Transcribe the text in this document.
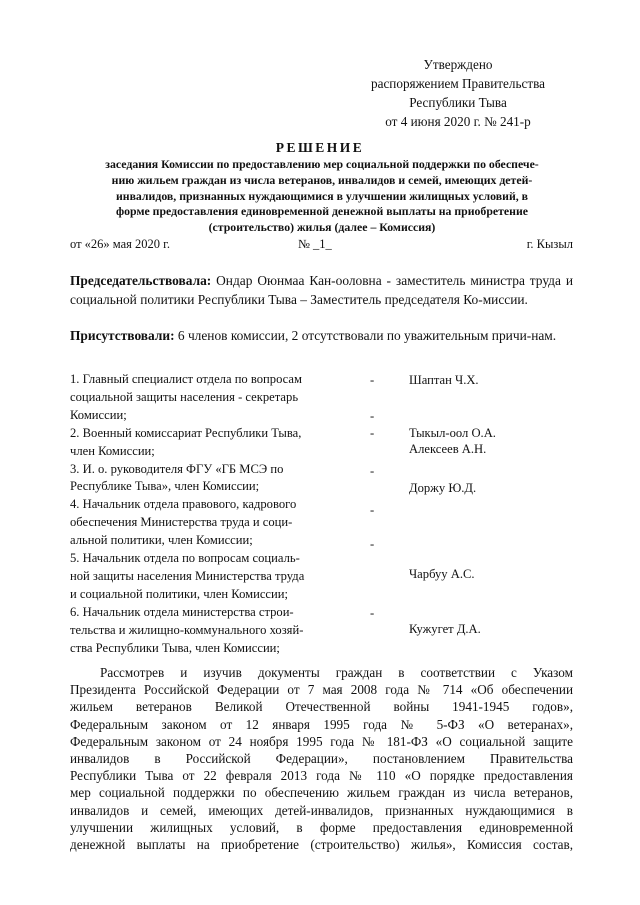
Утверждено
распоряжением Правительства
Республики Тыва
от 4 июня 2020 г. № 241-р
РЕШЕНИЕ
заседания Комиссии по предоставлению мер социальной поддержки по обеспече-
нию жильем граждан из числа ветеранов, инвалидов и семей, имеющих детей-
инвалидов, признанных нуждающимися в улучшении жилищных условий, в
форме предоставления единовременной денежной выплаты на приобретение
(строительство) жилья (далее – Комиссия)
от «26» мая 2020 г.	№ _1_	г. Кызыл
Председательствовала: Ондар Оюнмаа Кан-ооловна - заместитель министра труда и социальной политики Республики Тыва – Заместитель председателя Ко-миссии.
Присутствовали: 6 членов комиссии, 2 отсутствовали по уважительным причи-нам.
1. Главный специалист отдела по вопросам
социальной защиты населения - секретарь
Комиссии;
-
-
Шаптан Ч.Х.
2. Военный комиссариат Республики Тыва,
член Комиссии;
-
Алексеев А.Н.
3. И. о. руководителя ФГУ «ГБ МСЭ по
Республике Тыва», член Комиссии;
-
Тыкыл-оол О.А.
4. Начальник отдела правового, кадрового
обеспечения Министерства труда и соци-
альной политики, член Комиссии;
-
-
Доржу Ю.Д.
5. Начальник отдела по вопросам социаль-
ной защиты населения Министерства труда
и социальной политики, член Комиссии;
Чарбуу А.С.
6. Начальник отдела министерства строи-
тельства и жилищно-коммунального хозяй-
ства Республики Тыва, член Комиссии;
-
Кужугет Д.А.
Рассмотрев и изучив документы граждан в соответствии с Указом
Президента Российской Федерации от 7 мая 2008 года № 714 «Об обеспечении
жильем ветеранов Великой Отечественной войны 1941-1945 годов»,
Федеральным законом от 12 января 1995 года № 5-ФЗ «О ветеранах»,
Федеральным законом от 24 ноября 1995 года № 181-ФЗ «О социальной защите
инвалидов в Российской Федерации», постановлением Правительства
Республики Тыва от 22 февраля 2013 года № 110 «О порядке предоставления
мер социальной поддержки по обеспечению жильем граждан из числа ветеранов,
инвалидов и семей, имеющих детей-инвалидов, признанных нуждающимися в
улучшении жилищных условий, в форме предоставления единовременной
денежной выплаты на приобретение (строительство) жилья», Комиссия состав,
